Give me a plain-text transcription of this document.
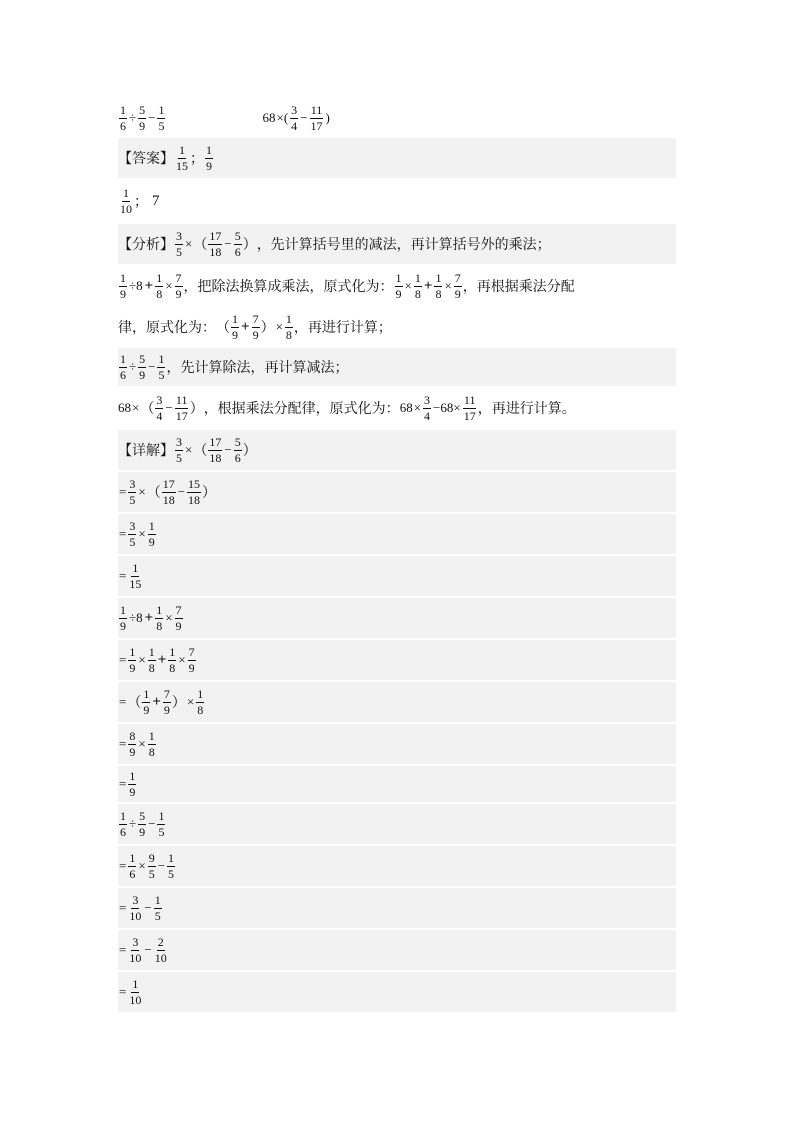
$\frac{1}{6} \div \frac{5}{9} - \frac{1}{5}$	68 ×( $\frac{3}{4} - \frac{11}{17}$ )
【答案】 $\frac{1}{15}$ ； $\frac{1}{9}$
$\frac{1}{10}$ ； 7
【分析】 $\frac{3}{5}$ × （ $\frac{17}{18} - \frac{5}{6}$ ） ，先计算括号里的减法，再计算括号外的乘法；
$\frac{1}{9} \div 8 + \frac{1}{8} \times \frac{7}{9}$ ，把除法换算成乘法，原式化为： $\frac{1}{9} \times \frac{1}{8} + \frac{1}{8} \times \frac{7}{9}$ ，再根据乘法分配
律，原式化为： （ $\frac{1}{9} + \frac{7}{9}$ ） × $\frac{1}{8}$ ，再进行计算；
$\frac{1}{6} \div \frac{5}{9} - \frac{1}{5}$ ，先计算除法，再计算减法；
68 × （ $\frac{3}{4} - \frac{11}{17}$ ） ，根据乘法分配律，原式化为： $68 \times \frac{3}{4} -68\times \frac{11}{17}$ ，再进行计算。
【详解】 $\frac{3}{5}$ × （ $\frac{17}{18} - \frac{5}{6}$ ）
= $\frac{3}{5}$ × （ $\frac{17}{18} - \frac{15}{18}$ ）
= $\frac{3}{5} \times \frac{1}{9}$
= $\frac{1}{15}$
$\frac{1}{9} \div 8 + \frac{1}{8} \times \frac{7}{9}$
= $\frac{1}{9} \times \frac{1}{8} + \frac{1}{8} \times \frac{7}{9}$
= （ $\frac{1}{9} + \frac{7}{9}$ ） × $\frac{1}{8}$
= $\frac{8}{9} \times \frac{1}{8}$
= $\frac{1}{9}$
$\frac{1}{6} \div \frac{5}{9} - \frac{1}{5}$
= $\frac{1}{6} \times \frac{9}{5} - \frac{1}{5}$
= $\frac{3}{10} - \frac{1}{5}$
= $\frac{3}{10} - \frac{2}{10}$
= $\frac{1}{10}$
